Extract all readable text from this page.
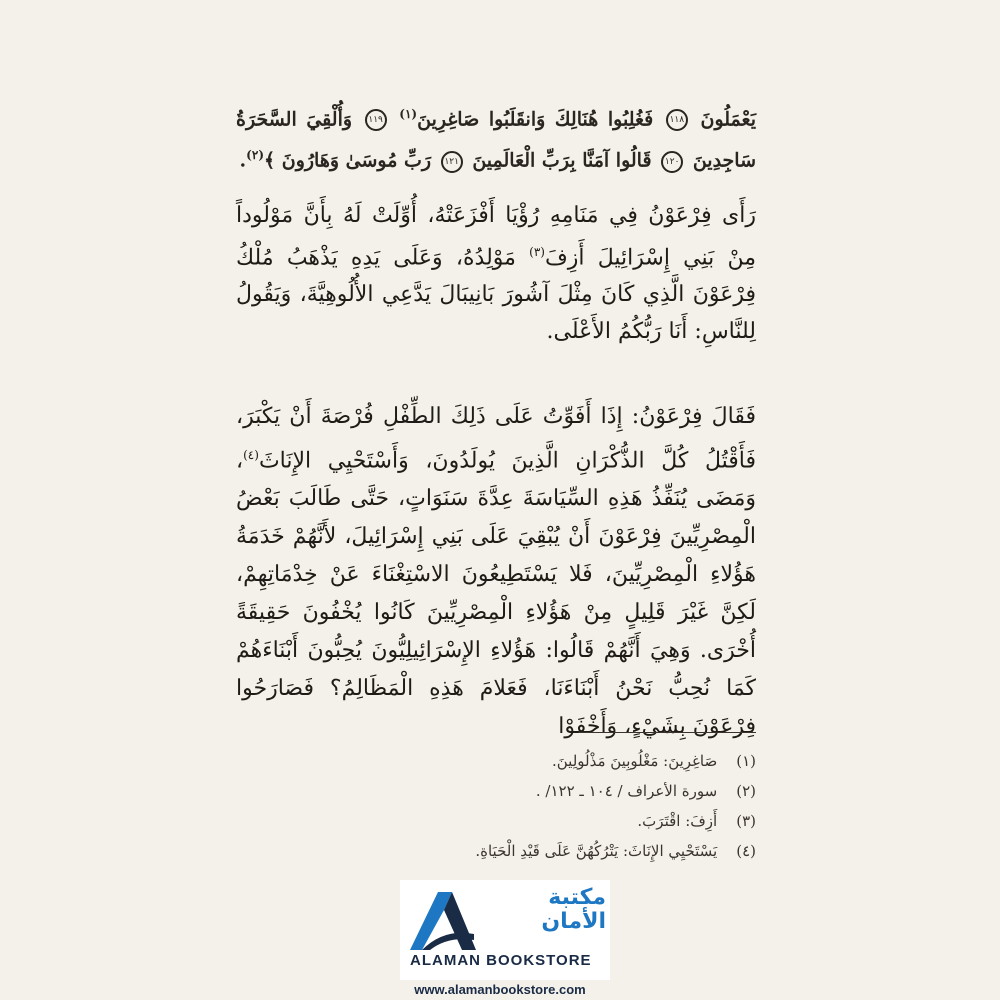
يَعْمَلُونَ ١١٨ فَغُلِبُوا هُنَالِكَ وَانقَلَبُوا صَاغِرِينَ$^{(١)}$ ١١٩ وَأُلْقِيَ السَّحَرَةُ سَاجِدِينَ ١٢٠ قَالُوا آمَنَّا بِرَبِّ الْعَالَمِينَ ١٢١ رَبِّ مُوسَىٰ وَهَارُونَ ﴾$^{(٢)}$.
رَأَى فِرْعَوْنُ فِي مَنَامِهِ رُؤْيَا أَفْزَعَتْهُ، أُوِّلَتْ لَهُ بِأَنَّ مَوْلُوداً مِنْ بَنِي إِسْرَائِيلَ أَزِفَ$^{(٣)}$ مَوْلِدُهُ، وَعَلَى يَدِهِ يَذْهَبُ مُلْكُ فِرْعَوْنَ الَّذِي كَانَ مِثْلَ آشُورَ بَانِيبَالَ يَدَّعِي الأُلُوهِيَّةَ، وَيَقُولُ لِلنَّاسِ: أَنَا رَبُّكُمُ الأَعْلَى.
فَقَالَ فِرْعَوْنُ: إِذَا أَفَوِّتُ عَلَى ذَلِكَ الطِّفْلِ فُرْصَةَ أَنْ يَكْبَرَ، فَأَقْتُلُ كُلَّ الذُّكْرَانِ الَّذِينَ يُولَدُونَ، وَأَسْتَحْيِي الإِنَاثَ$^{(٤)}$، وَمَضَى يُنَفِّذُ هَذِهِ السِّيَاسَةَ عِدَّةَ سَنَوَاتٍ، حَتَّى طَالَبَ بَعْضُ الْمِصْرِيِّينَ فِرْعَوْنَ أَنْ يُبْقِيَ عَلَى بَنِي إِسْرَائِيلَ، لأَنَّهُمْ خَدَمَةُ هَؤُلاءِ الْمِصْرِيِّينَ، فَلا يَسْتَطِيعُونَ الاسْتِغْنَاءَ عَنْ خِدْمَاتِهِمْ، لَكِنَّ غَيْرَ قَلِيلٍ مِنْ هَؤُلاءِ الْمِصْرِيِّينَ كَانُوا يُخْفُونَ حَقِيقَةً أُخْرَى. وَهِيَ أَنَّهُمْ قَالُوا: هَؤُلاءِ الإِسْرَائِيلِيُّونَ يُحِبُّونَ أَبْنَاءَهُمْ كَمَا نُحِبُّ نَحْنُ أَبْنَاءَنَا، فَعَلامَ هَذِهِ الْمَظَالِمُ؟ فَصَارَحُوا فِرْعَوْنَ بِشَيْءٍ، وَأَخْفَوْا
(١) صَاغِرِينَ: مَغْلُوبِينَ مَذْلُولِينَ.
(٢) سورة الأعراف / ١٠٤ ـ ١٢٢/ .
(٣) أَزِفَ: اقْتَرَبَ.
(٤) يَسْتَحْيِي الإِنَاثَ: يَتْرُكُهُنَّ عَلَى قَيْدِ الْحَيَاةِ.
مكتبة
الأمان
ALAMAN BOOKSTORE
www.alamanbookstore.com
